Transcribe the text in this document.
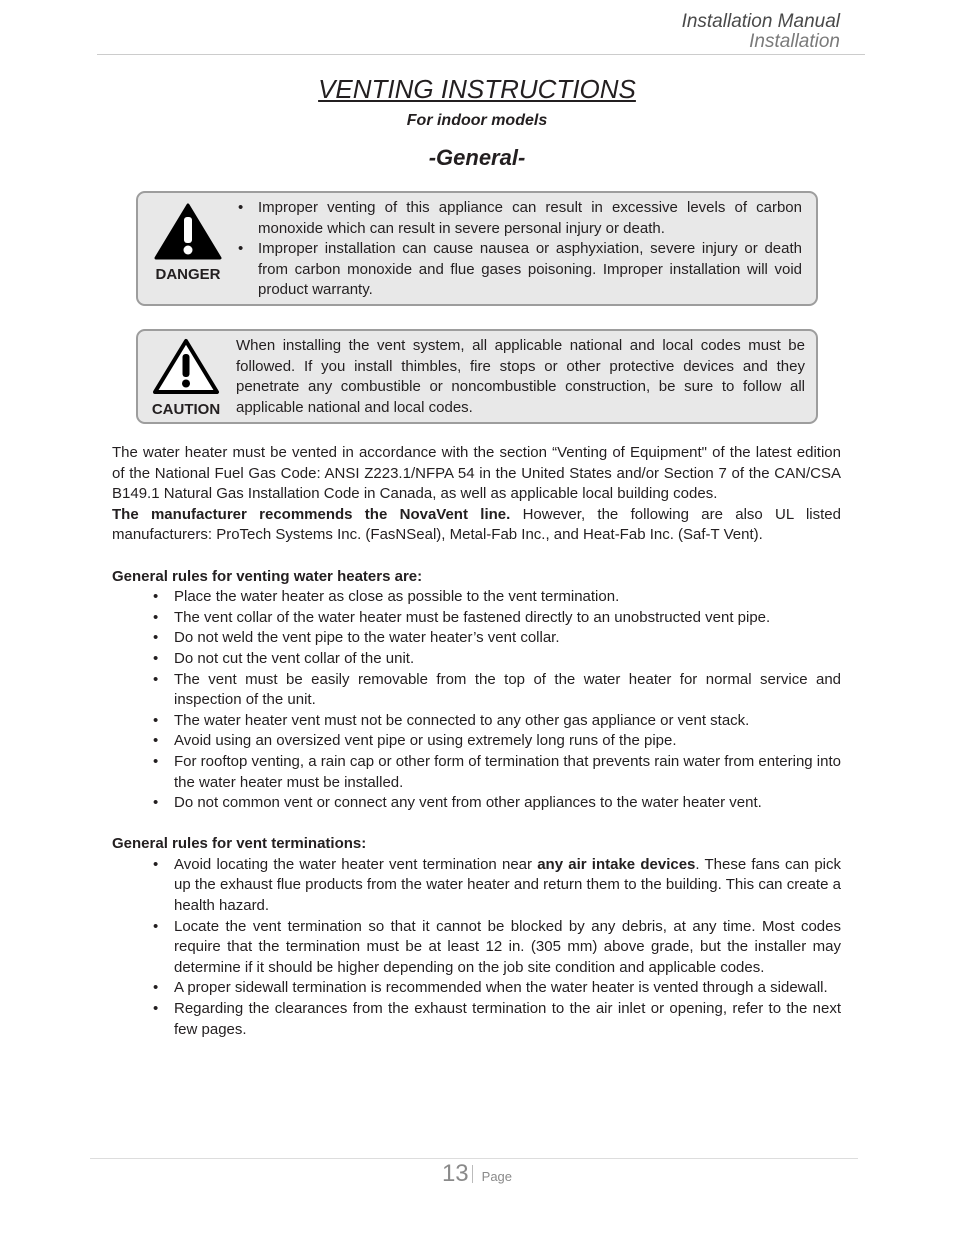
Installation Manual
Installation
VENTING INSTRUCTIONS
For indoor models
-General-
DANGER
• Improper venting of this appliance can result in excessive levels of carbon monoxide which can result in severe personal injury or death.
• Improper installation can cause nausea or asphyxiation, severe injury or death from carbon monoxide and flue gases poisoning. Improper installation will void product warranty.
CAUTION
When installing the vent system, all applicable national and local codes must be followed. If you install thimbles, fire stops or other protective devices and they penetrate any combustible or noncombustible construction, be sure to follow all applicable national and local codes.

The water heater must be vented in accordance with the section “Venting of Equipment" of the latest edition of the National Fuel Gas Code: ANSI Z223.1/NFPA 54 in the United States and/or Section 7 of the CAN/CSA B149.1 Natural Gas Installation Code in Canada, as well as applicable local building codes.

The manufacturer recommends the NovaVent line. However, the following are also UL listed manufacturers: ProTech Systems Inc. (FasNSeal), Metal-Fab Inc., and Heat-Fab Inc. (Saf-T Vent).

General rules for venting water heaters are:

• Place the water heater as close as possible to the vent termination.
• The vent collar of the water heater must be fastened directly to an unobstructed vent pipe.
• Do not weld the vent pipe to the water heater’s vent collar.
• Do not cut the vent collar of the unit.
• The vent must be easily removable from the top of the water heater for normal service and inspection of the unit.
• The water heater vent must not be connected to any other gas appliance or vent stack.
• Avoid using an oversized vent pipe or using extremely long runs of the pipe.
• For rooftop venting, a rain cap or other form of termination that prevents rain water from entering into the water heater must be installed.
• Do not common vent or connect any vent from other appliances to the water heater vent.

General rules for vent terminations:

• Avoid locating the water heater vent termination near any air intake devices. These fans can pick up the exhaust flue products from the water heater and return them to the building. This can create a health hazard.
• Locate the vent termination so that it cannot be blocked by any debris, at any time. Most codes require that the termination must be at least 12 in. (305 mm) above grade, but the installer may determine if it should be higher depending on the job site condition and applicable codes.
• A proper sidewall termination is recommended when the water heater is vented through a sidewall.
• Regarding the clearances from the exhaust termination to the air inlet or opening, refer to the next few pages.
13 Page
